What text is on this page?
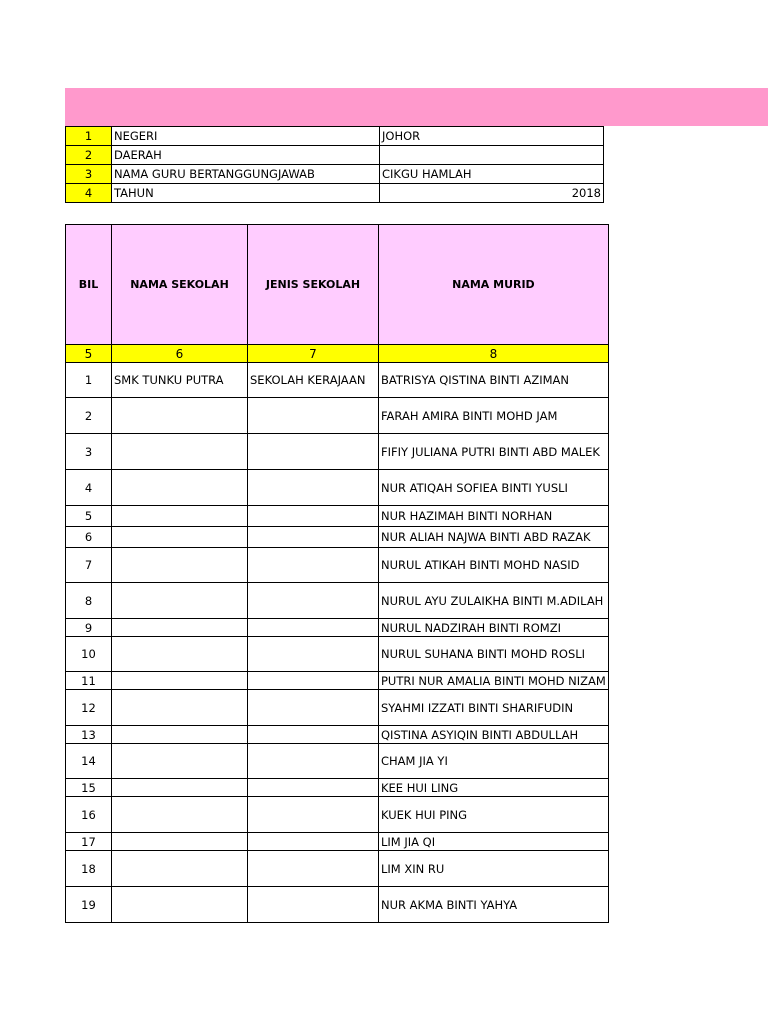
1	NEGERI	JOHOR
2	DAERAH	
3	NAMA GURU BERTANGGUNGJAWAB	CIKGU HAMLAH
4	TAHUN	2018
BIL	NAMA SEKOLAH	JENIS SEKOLAH	NAMA MURID
5	6	7	8
1	SMK TUNKU PUTRA	SEKOLAH KERAJAAN	BATRISYA QISTINA BINTI AZIMAN
2			FARAH AMIRA BINTI MOHD JAM
3			FIFIY JULIANA PUTRI BINTI ABD MALEK
4			NUR ATIQAH SOFIEA BINTI YUSLI
5			NUR HAZIMAH BINTI NORHAN
6			NUR ALIAH NAJWA BINTI ABD RAZAK
7			NURUL ATIKAH BINTI MOHD NASID
8			NURUL AYU ZULAIKHA BINTI M.ADILAH
9			NURUL NADZIRAH BINTI ROMZI
10			NURUL SUHANA BINTI MOHD ROSLI
11			PUTRI NUR AMALIA BINTI MOHD NIZAM
12			SYAHMI IZZATI BINTI SHARIFUDIN
13			QISTINA ASYIQIN BINTI ABDULLAH
14			CHAM JIA YI
15			KEE HUI LING
16			KUEK HUI PING
17			LIM JIA QI
18			LIM XIN RU
19			NUR AKMA BINTI YAHYA
